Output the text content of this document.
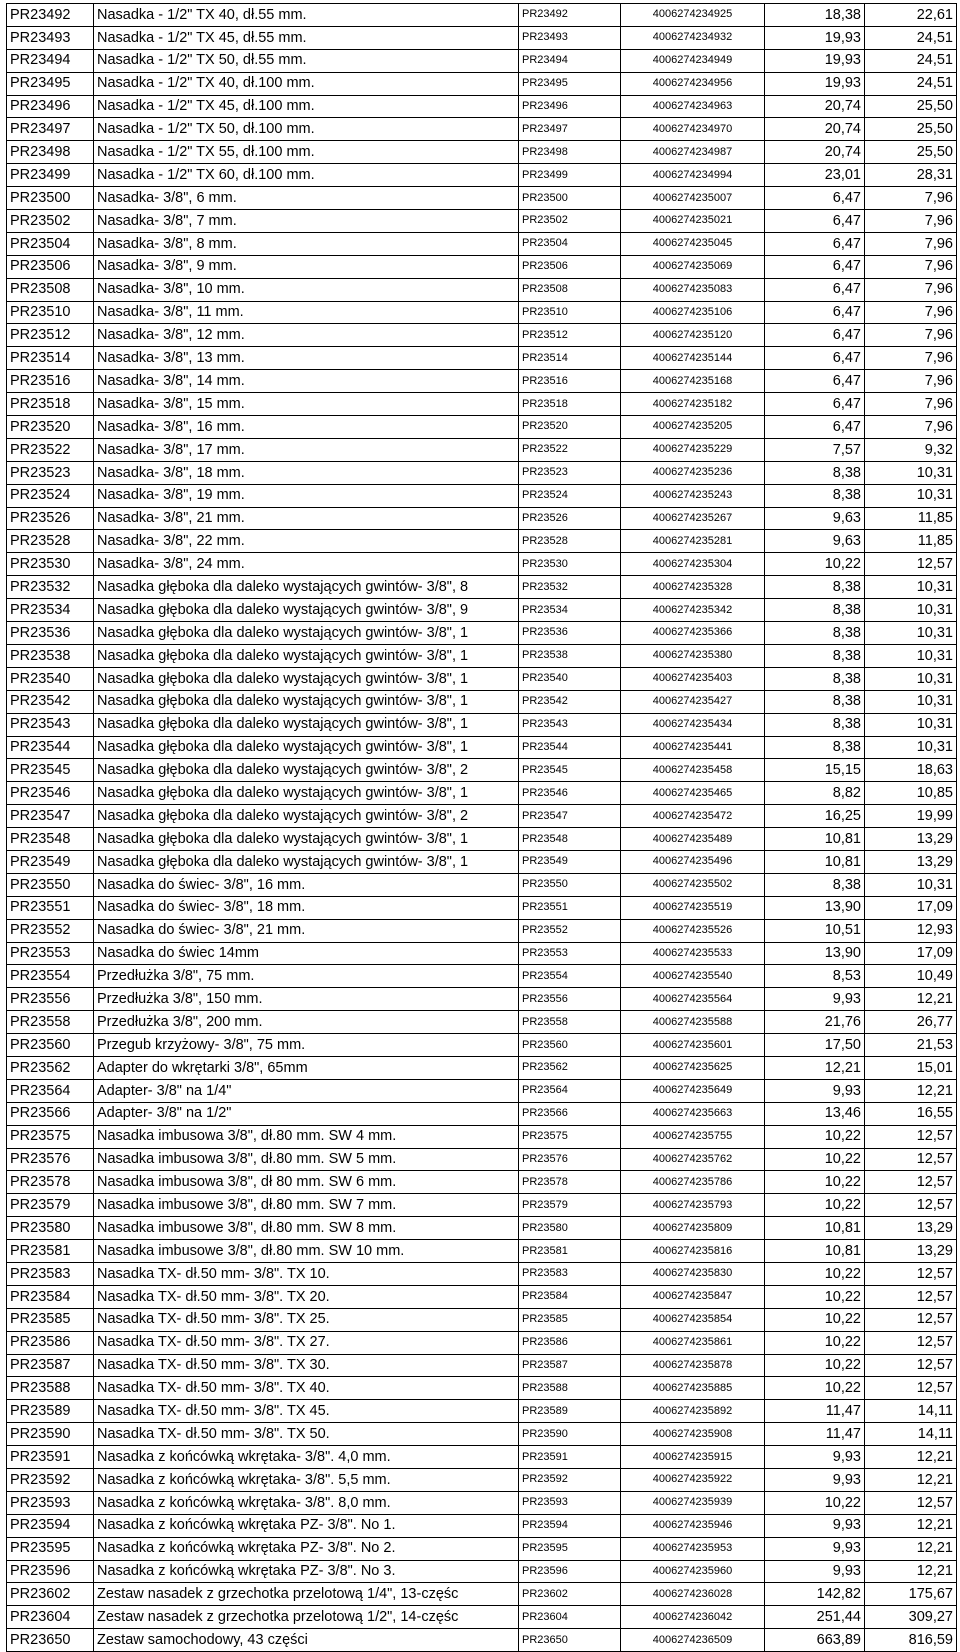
PR23492	Nasadka - 1/2" TX 40, dł.55 mm.	PR23492	4006274234925	18,38	22,61
PR23493	Nasadka - 1/2" TX 45, dł.55 mm.	PR23493	4006274234932	19,93	24,51
PR23494	Nasadka - 1/2" TX 50, dł.55 mm.	PR23494	4006274234949	19,93	24,51
PR23495	Nasadka - 1/2" TX 40, dł.100 mm.	PR23495	4006274234956	19,93	24,51
PR23496	Nasadka - 1/2" TX 45, dł.100 mm.	PR23496	4006274234963	20,74	25,50
PR23497	Nasadka - 1/2" TX 50, dł.100 mm.	PR23497	4006274234970	20,74	25,50
PR23498	Nasadka - 1/2" TX 55, dł.100 mm.	PR23498	4006274234987	20,74	25,50
PR23499	Nasadka - 1/2" TX 60, dł.100 mm.	PR23499	4006274234994	23,01	28,31
PR23500	Nasadka- 3/8", 6 mm.	PR23500	4006274235007	6,47	7,96
PR23502	Nasadka- 3/8", 7 mm.	PR23502	4006274235021	6,47	7,96
PR23504	Nasadka- 3/8", 8 mm.	PR23504	4006274235045	6,47	7,96
PR23506	Nasadka- 3/8", 9 mm.	PR23506	4006274235069	6,47	7,96
PR23508	Nasadka- 3/8", 10 mm.	PR23508	4006274235083	6,47	7,96
PR23510	Nasadka- 3/8", 11 mm.	PR23510	4006274235106	6,47	7,96
PR23512	Nasadka- 3/8", 12 mm.	PR23512	4006274235120	6,47	7,96
PR23514	Nasadka- 3/8", 13 mm.	PR23514	4006274235144	6,47	7,96
PR23516	Nasadka- 3/8", 14 mm.	PR23516	4006274235168	6,47	7,96
PR23518	Nasadka- 3/8", 15 mm.	PR23518	4006274235182	6,47	7,96
PR23520	Nasadka- 3/8", 16 mm.	PR23520	4006274235205	6,47	7,96
PR23522	Nasadka- 3/8", 17 mm.	PR23522	4006274235229	7,57	9,32
PR23523	Nasadka- 3/8", 18 mm.	PR23523	4006274235236	8,38	10,31
PR23524	Nasadka- 3/8", 19 mm.	PR23524	4006274235243	8,38	10,31
PR23526	Nasadka- 3/8", 21 mm.	PR23526	4006274235267	9,63	11,85
PR23528	Nasadka- 3/8", 22 mm.	PR23528	4006274235281	9,63	11,85
PR23530	Nasadka- 3/8", 24 mm.	PR23530	4006274235304	10,22	12,57
PR23532	Nasadka głęboka dla daleko wystających gwintów- 3/8", 8	PR23532	4006274235328	8,38	10,31
PR23534	Nasadka głęboka dla daleko wystających gwintów- 3/8", 9	PR23534	4006274235342	8,38	10,31
PR23536	Nasadka głęboka dla daleko wystających gwintów- 3/8", 1	PR23536	4006274235366	8,38	10,31
PR23538	Nasadka głęboka dla daleko wystających gwintów- 3/8", 1	PR23538	4006274235380	8,38	10,31
PR23540	Nasadka głęboka dla daleko wystających gwintów- 3/8", 1	PR23540	4006274235403	8,38	10,31
PR23542	Nasadka głęboka dla daleko wystających gwintów- 3/8", 1	PR23542	4006274235427	8,38	10,31
PR23543	Nasadka głęboka dla daleko wystających gwintów- 3/8", 1	PR23543	4006274235434	8,38	10,31
PR23544	Nasadka głęboka dla daleko wystających gwintów- 3/8", 1	PR23544	4006274235441	8,38	10,31
PR23545	Nasadka głęboka dla daleko wystających gwintów- 3/8", 2	PR23545	4006274235458	15,15	18,63
PR23546	Nasadka głęboka dla daleko wystających gwintów- 3/8", 1	PR23546	4006274235465	8,82	10,85
PR23547	Nasadka głęboka dla daleko wystających gwintów- 3/8", 2	PR23547	4006274235472	16,25	19,99
PR23548	Nasadka głęboka dla daleko wystających gwintów- 3/8", 1	PR23548	4006274235489	10,81	13,29
PR23549	Nasadka głęboka dla daleko wystających gwintów- 3/8", 1	PR23549	4006274235496	10,81	13,29
PR23550	Nasadka do świec- 3/8", 16 mm.	PR23550	4006274235502	8,38	10,31
PR23551	Nasadka do świec- 3/8", 18 mm.	PR23551	4006274235519	13,90	17,09
PR23552	Nasadka do świec- 3/8", 21 mm.	PR23552	4006274235526	10,51	12,93
PR23553	Nasadka do świec 14mm	PR23553	4006274235533	13,90	17,09
PR23554	Przedłużka 3/8", 75 mm.	PR23554	4006274235540	8,53	10,49
PR23556	Przedłużka 3/8", 150 mm.	PR23556	4006274235564	9,93	12,21
PR23558	Przedłużka 3/8", 200 mm.	PR23558	4006274235588	21,76	26,77
PR23560	Przegub krzyżowy- 3/8", 75 mm.	PR23560	4006274235601	17,50	21,53
PR23562	Adapter do wkrętarki 3/8", 65mm	PR23562	4006274235625	12,21	15,01
PR23564	Adapter- 3/8" na 1/4"	PR23564	4006274235649	9,93	12,21
PR23566	Adapter- 3/8" na 1/2"	PR23566	4006274235663	13,46	16,55
PR23575	Nasadka imbusowa 3/8", dł.80 mm. SW 4 mm.	PR23575	4006274235755	10,22	12,57
PR23576	Nasadka imbusowa 3/8", dł.80 mm. SW 5 mm.	PR23576	4006274235762	10,22	12,57
PR23578	Nasadka imbusowa 3/8", dł 80 mm. SW 6 mm.	PR23578	4006274235786	10,22	12,57
PR23579	Nasadka imbusowe 3/8", dł.80 mm. SW 7 mm.	PR23579	4006274235793	10,22	12,57
PR23580	Nasadka imbusowe 3/8", dł.80 mm. SW 8 mm.	PR23580	4006274235809	10,81	13,29
PR23581	Nasadka imbusowe 3/8", dł.80 mm. SW 10 mm.	PR23581	4006274235816	10,81	13,29
PR23583	Nasadka TX- dł.50 mm- 3/8". TX 10.	PR23583	4006274235830	10,22	12,57
PR23584	Nasadka TX- dł.50 mm- 3/8". TX 20.	PR23584	4006274235847	10,22	12,57
PR23585	Nasadka TX- dł.50 mm- 3/8". TX 25.	PR23585	4006274235854	10,22	12,57
PR23586	Nasadka TX- dł.50 mm- 3/8". TX 27.	PR23586	4006274235861	10,22	12,57
PR23587	Nasadka TX- dł.50 mm- 3/8". TX 30.	PR23587	4006274235878	10,22	12,57
PR23588	Nasadka TX- dł.50 mm- 3/8". TX 40.	PR23588	4006274235885	10,22	12,57
PR23589	Nasadka TX- dł.50 mm- 3/8". TX 45.	PR23589	4006274235892	11,47	14,11
PR23590	Nasadka TX- dł.50 mm- 3/8". TX 50.	PR23590	4006274235908	11,47	14,11
PR23591	Nasadka z końcówką wkrętaka- 3/8". 4,0 mm.	PR23591	4006274235915	9,93	12,21
PR23592	Nasadka z końcówką wkrętaka- 3/8". 5,5 mm.	PR23592	4006274235922	9,93	12,21
PR23593	Nasadka z końcówką wkrętaka- 3/8". 8,0 mm.	PR23593	4006274235939	10,22	12,57
PR23594	Nasadka z końcówką wkrętaka PZ- 3/8". No 1.	PR23594	4006274235946	9,93	12,21
PR23595	Nasadka z końcówką wkrętaka PZ- 3/8". No 2.	PR23595	4006274235953	9,93	12,21
PR23596	Nasadka z końcówką wkrętaka PZ- 3/8". No 3.	PR23596	4006274235960	9,93	12,21
PR23602	Zestaw nasadek z grzechotka przelotową 1/4", 13-częśc	PR23602	4006274236028	142,82	175,67
PR23604	Zestaw nasadek z grzechotka przelotową 1/2", 14-częśc	PR23604	4006274236042	251,44	309,27
PR23650	Zestaw samochodowy, 43 części	PR23650	4006274236509	663,89	816,59
